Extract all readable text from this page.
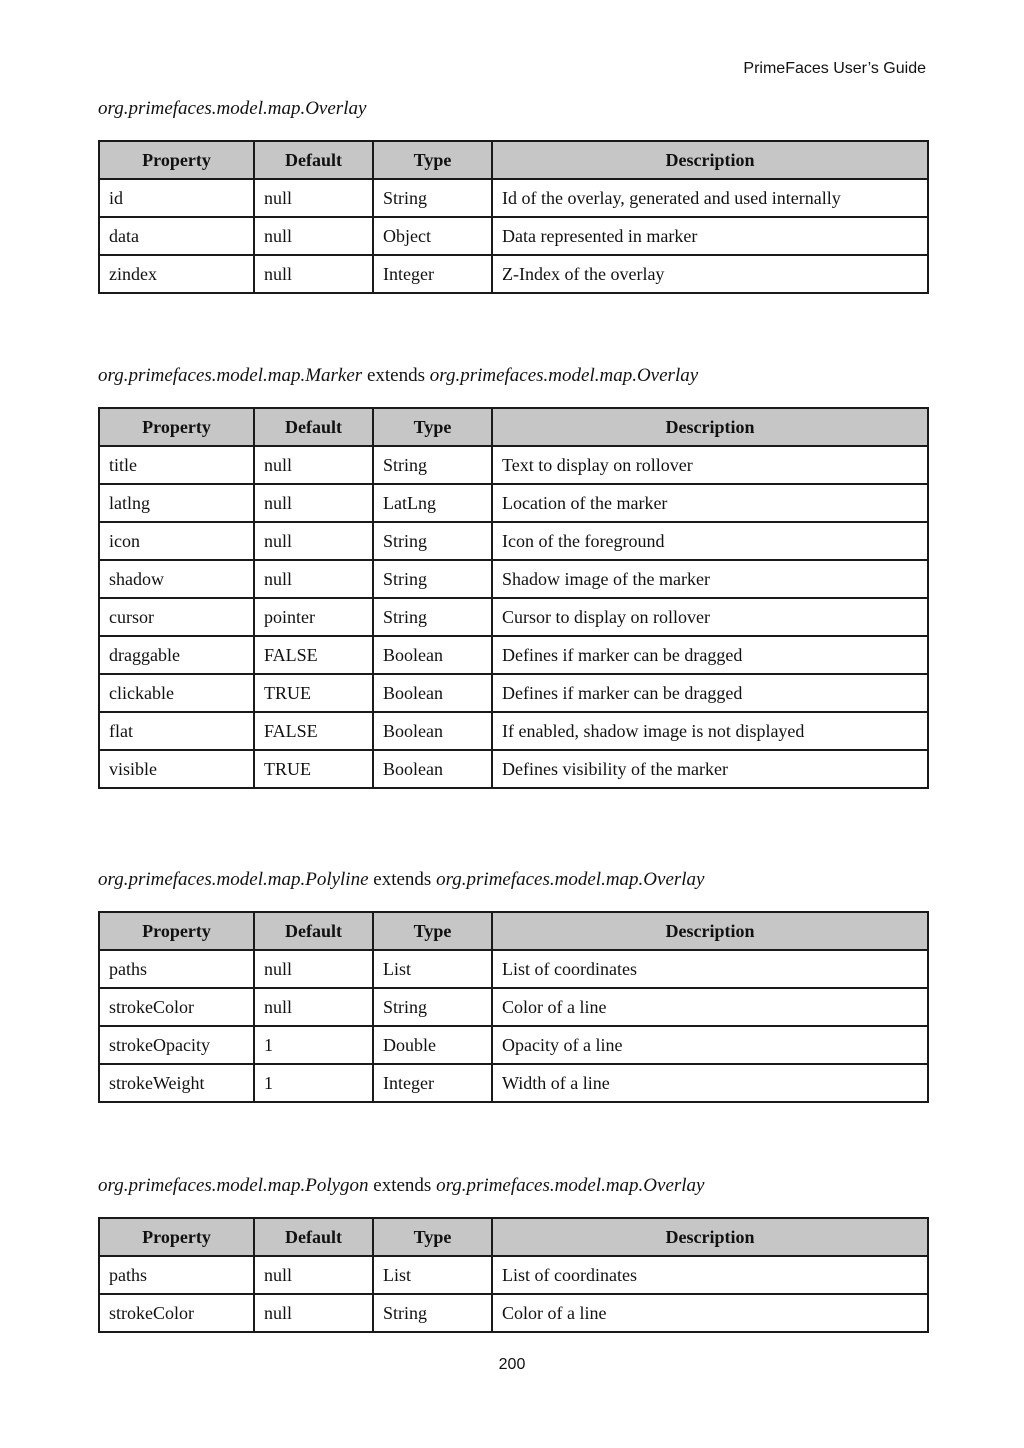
PrimeFaces User’s Guide
org.primefaces.model.map.Overlay
Property	Default	Type	Description
id	null	String	Id of the overlay, generated and used internally
data	null	Object	Data represented in marker
zindex	null	Integer	Z-Index of the overlay
org.primefaces.model.map.Marker extends org.primefaces.model.map.Overlay
Property	Default	Type	Description
title	null	String	Text to display on rollover
latlng	null	LatLng	Location of the marker
icon	null	String	Icon of the foreground
shadow	null	String	Shadow image of the marker
cursor	pointer	String	Cursor to display on rollover
draggable	FALSE	Boolean	Defines if marker can be dragged
clickable	TRUE	Boolean	Defines if marker can be dragged
flat	FALSE	Boolean	If enabled, shadow image is not displayed
visible	TRUE	Boolean	Defines visibility of the marker
org.primefaces.model.map.Polyline extends org.primefaces.model.map.Overlay
Property	Default	Type	Description
paths	null	List	List of coordinates
strokeColor	null	String	Color of a line
strokeOpacity	1	Double	Opacity of a line
strokeWeight	1	Integer	Width of a line
org.primefaces.model.map.Polygon extends org.primefaces.model.map.Overlay
Property	Default	Type	Description
paths	null	List	List of coordinates
strokeColor	null	String	Color of a line
200
